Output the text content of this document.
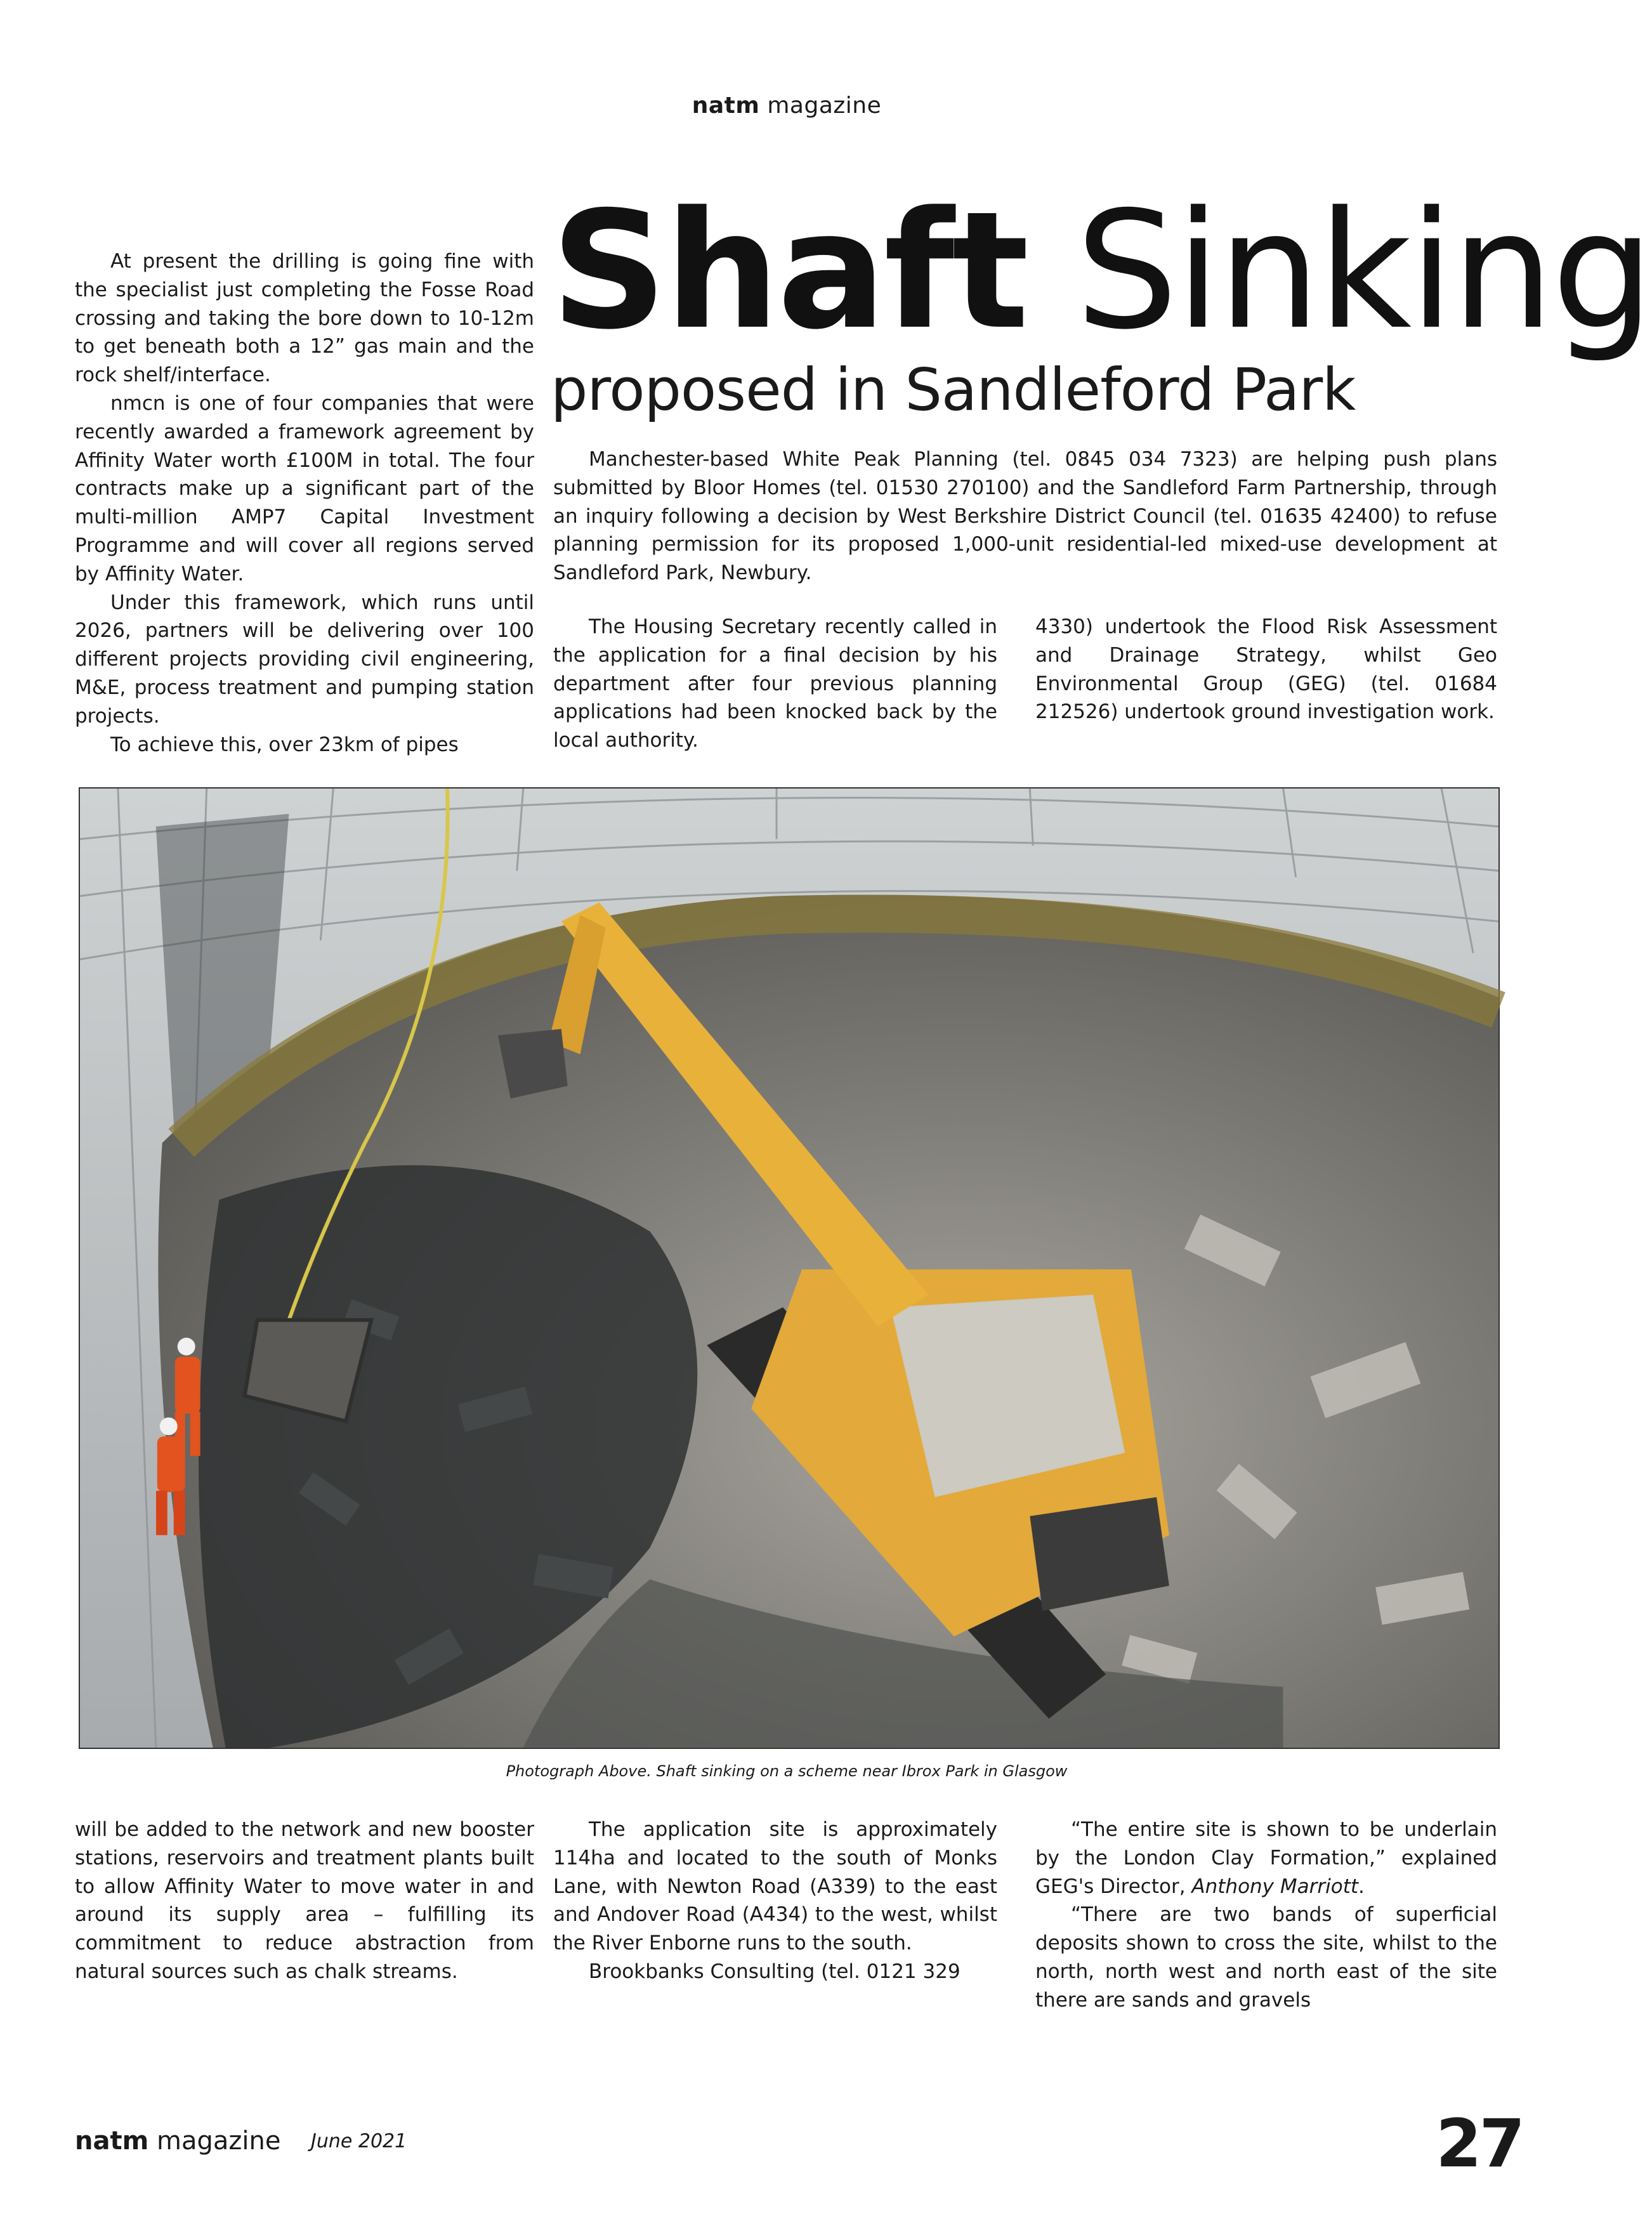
natm magazine
Shaft Sinking
proposed in Sandleford Park

At present the drilling is going fine with the specialist just completing the Fosse Road crossing and taking the bore down to 10-12m to get beneath both a 12” gas main and the rock shelf/interface.

nmcn is one of four companies that were recently awarded a framework agreement by Affinity Water worth £100M in total. The four contracts make up a significant part of the multi-million AMP7 Capital Investment Programme and will cover all regions served by Affinity Water.

Under this framework, which runs until 2026, partners will be delivering over 100 different projects providing civil engineering, M&E, process treatment and pumping station projects.

To achieve this, over 23km of pipes

Manchester-based White Peak Planning (tel. 0845 034 7323) are helping push plans submitted by Bloor Homes (tel. 01530 270100) and the Sandleford Farm Partnership, through an inquiry following a decision by West Berkshire District Council (tel. 01635 42400) to refuse planning permission for its proposed 1,000-unit residential-led mixed-use development at Sandleford Park, Newbury.

The Housing Secretary recently called in the application for a final decision by his department after four previous planning applications had been knocked back by the local authority.

4330) undertook the Flood Risk Assessment and Drainage Strategy, whilst Geo Environmental Group (GEG) (tel. 01684 212526) undertook ground investigation work.

Photograph Above. Shaft sinking on a scheme near Ibrox Park in Glasgow

will be added to the network and new booster stations, reservoirs and treatment plants built to allow Affinity Water to move water in and around its supply area – fulfilling its commitment to reduce abstraction from natural sources such as chalk streams.

The application site is approximately 114ha and located to the south of Monks Lane, with Newton Road (A339) to the east and Andover Road (A434) to the west, whilst the River Enborne runs to the south.

Brookbanks Consulting (tel. 0121 329

“The entire site is shown to be underlain by the London Clay Formation,” explained GEG's Director, Anthony Marriott.

“There are two bands of superficial deposits shown to cross the site, whilst to the north, north west and north east of the site there are sands and gravels

natm magazine June 2021	27
